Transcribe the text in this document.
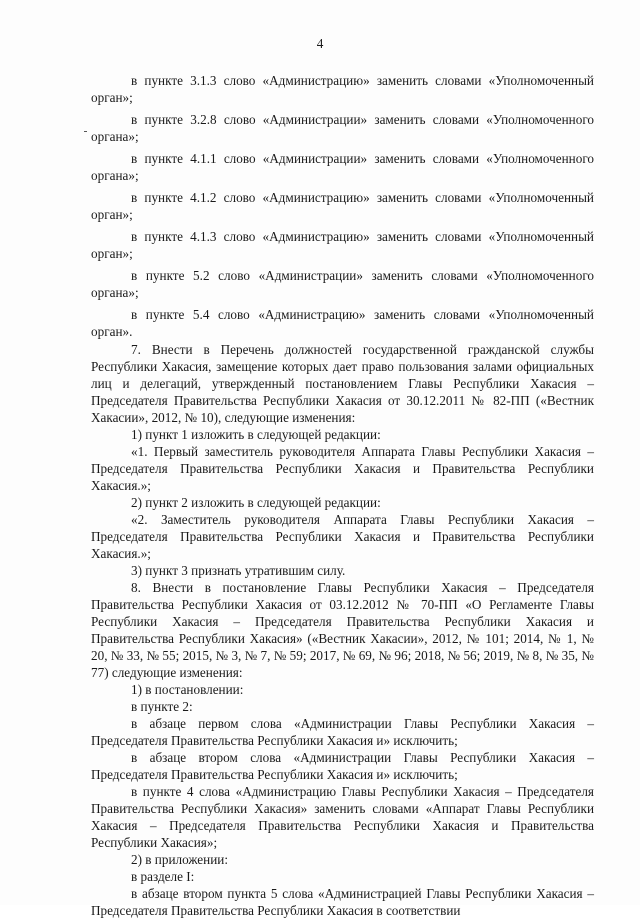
4

в пункте 3.1.3 слово «Администрацию» заменить словами «Уполномоченный орган»;

в пункте 3.2.8 слово «Администрации» заменить словами «Уполномоченного органа»;

в пункте 4.1.1 слово «Администрации» заменить словами «Уполномоченного органа»;

в пункте 4.1.2 слово «Администрацию» заменить словами «Уполномоченный орган»;

в пункте 4.1.3 слово «Администрацию» заменить словами «Уполномоченный орган»;

в пункте 5.2 слово «Администрации» заменить словами «Уполномоченного органа»;

в пункте 5.4 слово «Администрацию» заменить словами «Уполномоченный орган».

7. Внести в Перечень должностей государственной гражданской службы Республики Хакасия, замещение которых дает право пользования залами официальных лиц и делегаций, утвержденный постановлением Главы Республики Хакасия – Председателя Правительства Республики Хакасия от 30.12.2011 № 82-ПП («Вестник Хакасии», 2012, № 10), следующие изменения:

1) пункт 1 изложить в следующей редакции:

«1. Первый заместитель руководителя Аппарата Главы Республики Хакасия – Председателя Правительства Республики Хакасия и Правительства Республики Хакасия.»;

2) пункт 2 изложить в следующей редакции:

«2. Заместитель руководителя Аппарата Главы Республики Хакасия – Председателя Правительства Республики Хакасия и Правительства Республики Хакасия.»;

3) пункт 3 признать утратившим силу.

8. Внести в постановление Главы Республики Хакасия – Председателя Правительства Республики Хакасия от 03.12.2012 № 70-ПП «О Регламенте Главы Республики Хакасия – Председателя Правительства Республики Хакасия и Правительства Республики Хакасия» («Вестник Хакасии», 2012, № 101; 2014, № 1, № 20, № 33, № 55; 2015, № 3, № 7, № 59; 2017, № 69, № 96; 2018, № 56; 2019, № 8, № 35, № 77) следующие изменения:

1) в постановлении:

в пункте 2:

в абзаце первом слова «Администрации Главы Республики Хакасия – Председателя Правительства Республики Хакасия и» исключить;

в абзаце втором слова «Администрации Главы Республики Хакасия – Председателя Правительства Республики Хакасия и» исключить;

в пункте 4 слова «Администрацию Главы Республики Хакасия – Председателя Правительства Республики Хакасия» заменить словами «Аппарат Главы Республики Хакасия – Председателя Правительства Республики Хакасия и Правительства Республики Хакасия»;

2) в приложении:

в разделе I:

в абзаце втором пункта 5 слова «Администрацией Главы Республики Хакасия – Председателя Правительства Республики Хакасия в соответствии
